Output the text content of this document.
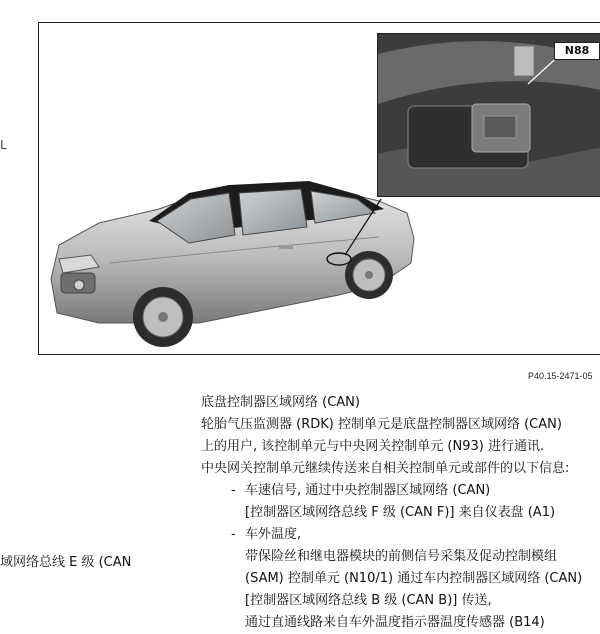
L
N88
P40.15-2471-05

底盘控制器区域网络 (CAN)

轮胎气压监测器 (RDK) 控制单元是底盘控制器区域网络 (CAN)

上的用户, 该控制单元与中央网关控制单元 (N93) 进行通讯.

中央网关控制单元继续传送来自相关控制单元或部件的以下信息:

- 车速信号, 通过中央控制器区域网络 (CAN)

[控制器区域网络总线 F 级 (CAN F)] 来自仪表盘 (A1)

- 车外温度,

带保险丝和继电器模块的前侧信号采集及促动控制模组

(SAM) 控制单元 (N10/1) 通过车内控制器区域网络 (CAN)

[控制器区域网络总线 B 级 (CAN B)] 传送,

通过直通线路来自车外温度指示器温度传感器 (B14)

域网络总线 E 级 (CAN
